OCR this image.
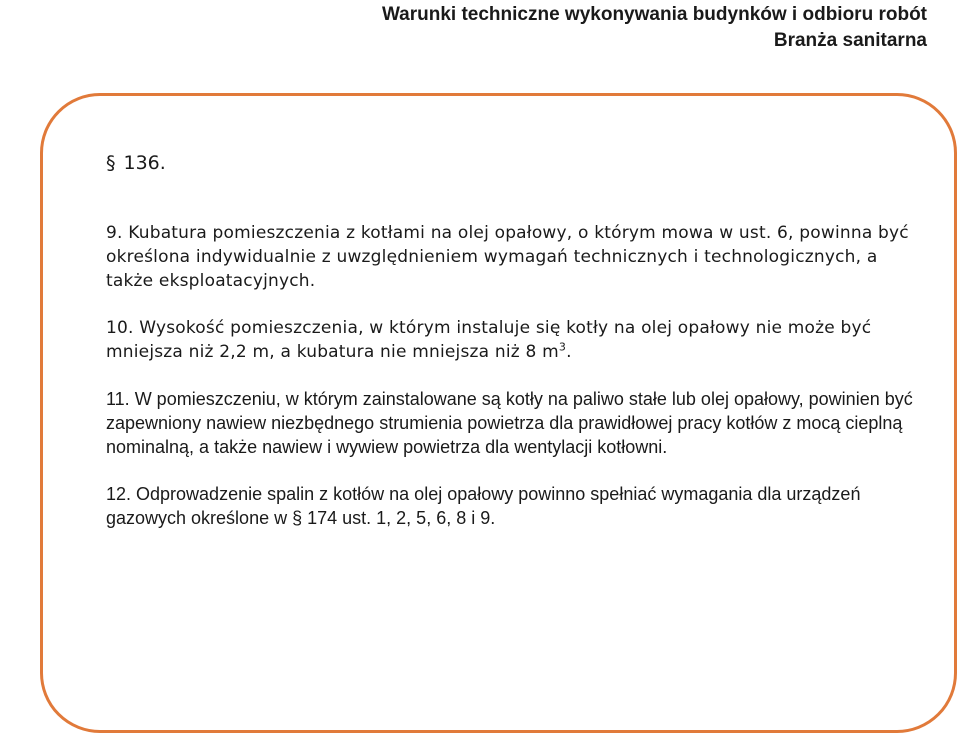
Warunki techniczne wykonywania budynków i odbioru robót
Branża sanitarna
§ 136.

9. Kubatura pomieszczenia z kotłami na olej opałowy, o którym mowa w ust. 6, powinna być określona indywidualnie z uwzględnieniem wymagań technicznych i technologicznych, a także eksploatacyjnych.

10. Wysokość pomieszczenia, w którym instaluje się kotły na olej opałowy nie może być mniejsza niż 2,2 m, a kubatura nie mniejsza niż 8 $m^3$.

11. W pomieszczeniu, w którym zainstalowane są kotły na paliwo stałe lub olej opałowy, powinien być zapewniony nawiew niezbędnego strumienia powietrza dla prawidłowej pracy kotłów z mocą cieplną nominalną, a także nawiew i wywiew powietrza dla wentylacji kotłowni.

12. Odprowadzenie spalin z kotłów na olej opałowy powinno spełniać wymagania dla urządzeń gazowych określone w § 174 ust. 1, 2, 5, 6, 8 i 9.
